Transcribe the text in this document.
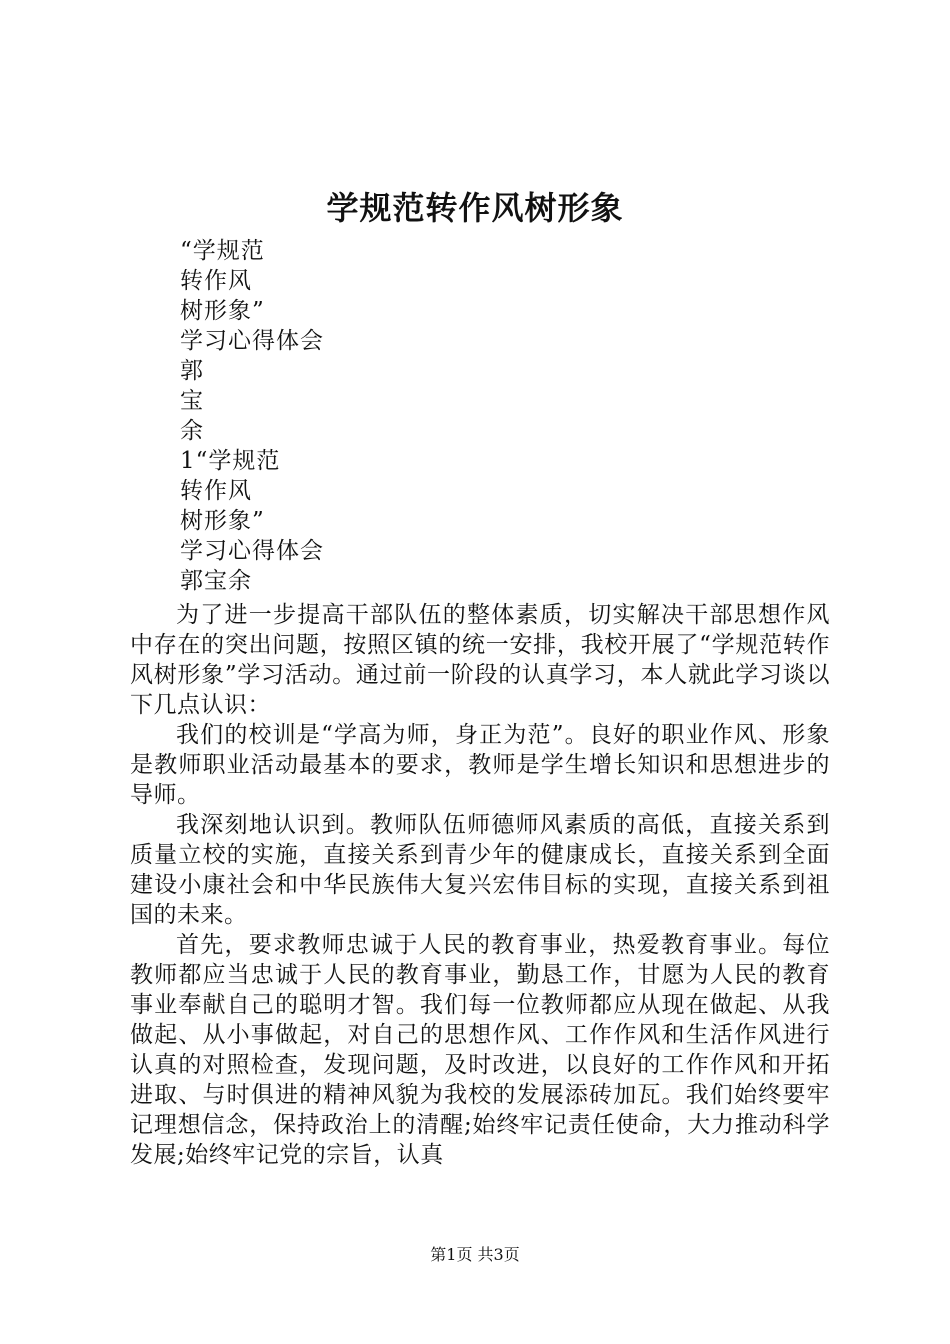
学规范转作风树形象
“学规范
转作风
树形象”
学习心得体会
郭
宝
余
1“学规范
转作风
树形象”
学习心得体会
郭宝余

为了进一步提高干部队伍的整体素质，切实解决干部思想作风中存在的突出问题，按照区镇的统一安排，我校开展了“学规范转作风树形象”学习活动。通过前一阶段的认真学习，本人就此学习谈以下几点认识：

我们的校训是“学高为师，身正为范”。良好的职业作风、形象是教师职业活动最基本的要求，教师是学生增长知识和思想进步的导师。

我深刻地认识到。教师队伍师德师风素质的高低，直接关系到质量立校的实施，直接关系到青少年的健康成长，直接关系到全面建设小康社会和中华民族伟大复兴宏伟目标的实现，直接关系到祖国的未来。

首先，要求教师忠诚于人民的教育事业，热爱教育事业。每位教师都应当忠诚于人民的教育事业，勤恳工作，甘愿为人民的教育事业奉献自己的聪明才智。我们每一位教师都应从现在做起、从我做起、从小事做起，对自己的思想作风、工作作风和生活作风进行认真的对照检查，发现问题，及时改进，以良好的工作作风和开拓进取、与时俱进的精神风貌为我校的发展添砖加瓦。我们始终要牢记理想信念，保持政治上的清醒;始终牢记责任使命，大力推动科学发展;始终牢记党的宗旨，认真

第1页 共3页
